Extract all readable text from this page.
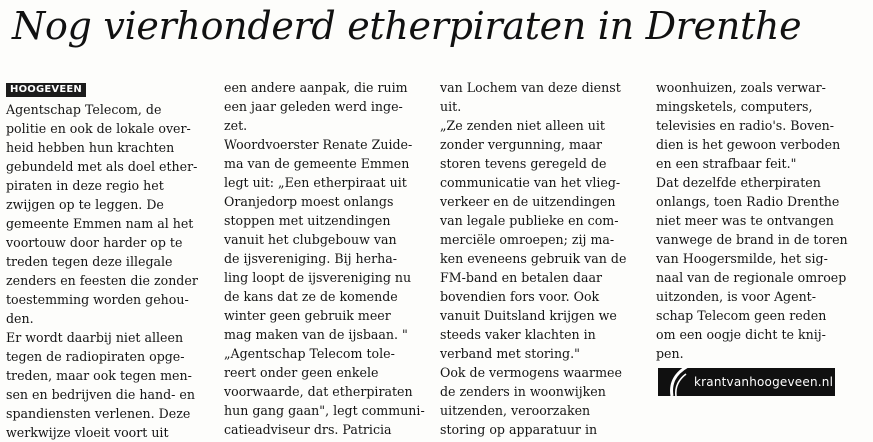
Nog vierhonderd etherpiraten in Drenthe
HOOGEVEEN
Agentschap Telecom, de
politie en ook de lokale over-
heid hebben hun krachten
gebundeld met als doel ether-
piraten in deze regio het
zwijgen op te leggen. De
gemeente Emmen nam al het
voortouw door harder op te
treden tegen deze illegale
zenders en feesten die zonder
toestemming worden gehou-
den.
Er wordt daarbij niet alleen
tegen de radiopiraten opge-
treden, maar ook tegen men-
sen en bedrijven die hand- en
spandiensten verlenen. Deze
werkwijze vloeit voort uit
een andere aanpak, die ruim
een jaar geleden werd inge-
zet.
Woordvoerster Renate Zuide-
ma van de gemeente Emmen
legt uit: „Een etherpiraat uit
Oranjedorp moest onlangs
stoppen met uitzendingen
vanuit het clubgebouw van
de ijsvereniging. Bij herha-
ling loopt de ijsvereniging nu
de kans dat ze de komende
winter geen gebruik meer
mag maken van de ijsbaan. "
„Agentschap Telecom tole-
reert onder geen enkele
voorwaarde, dat etherpiraten
hun gang gaan", legt communi-
catieadviseur drs. Patricia
van Lochem van deze dienst
uit.
„Ze zenden niet alleen uit
zonder vergunning, maar
storen tevens geregeld de
communicatie van het vlieg-
verkeer en de uitzendingen
van legale publieke en com-
merciële omroepen; zij ma-
ken eveneens gebruik van de
FM-band en betalen daar
bovendien fors voor. Ook
vanuit Duitsland krijgen we
steeds vaker klachten in
verband met storing."
Ook de vermogens waarmee
de zenders in woonwijken
uitzenden, veroorzaken
storing op apparatuur in
woonhuizen, zoals verwar-
mingsketels, computers,
televisies en radio's. Boven-
dien is het gewoon verboden
en een strafbaar feit."
Dat dezelfde etherpiraten
onlangs, toen Radio Drenthe
niet meer was te ontvangen
vanwege de brand in de toren
van Hoogersmilde, het sig-
naal van de regionale omroep
uitzonden, is voor Agent-
schap Telecom geen reden
om een oogje dicht te knij-
pen.
krantvanhoogeveen.nl
